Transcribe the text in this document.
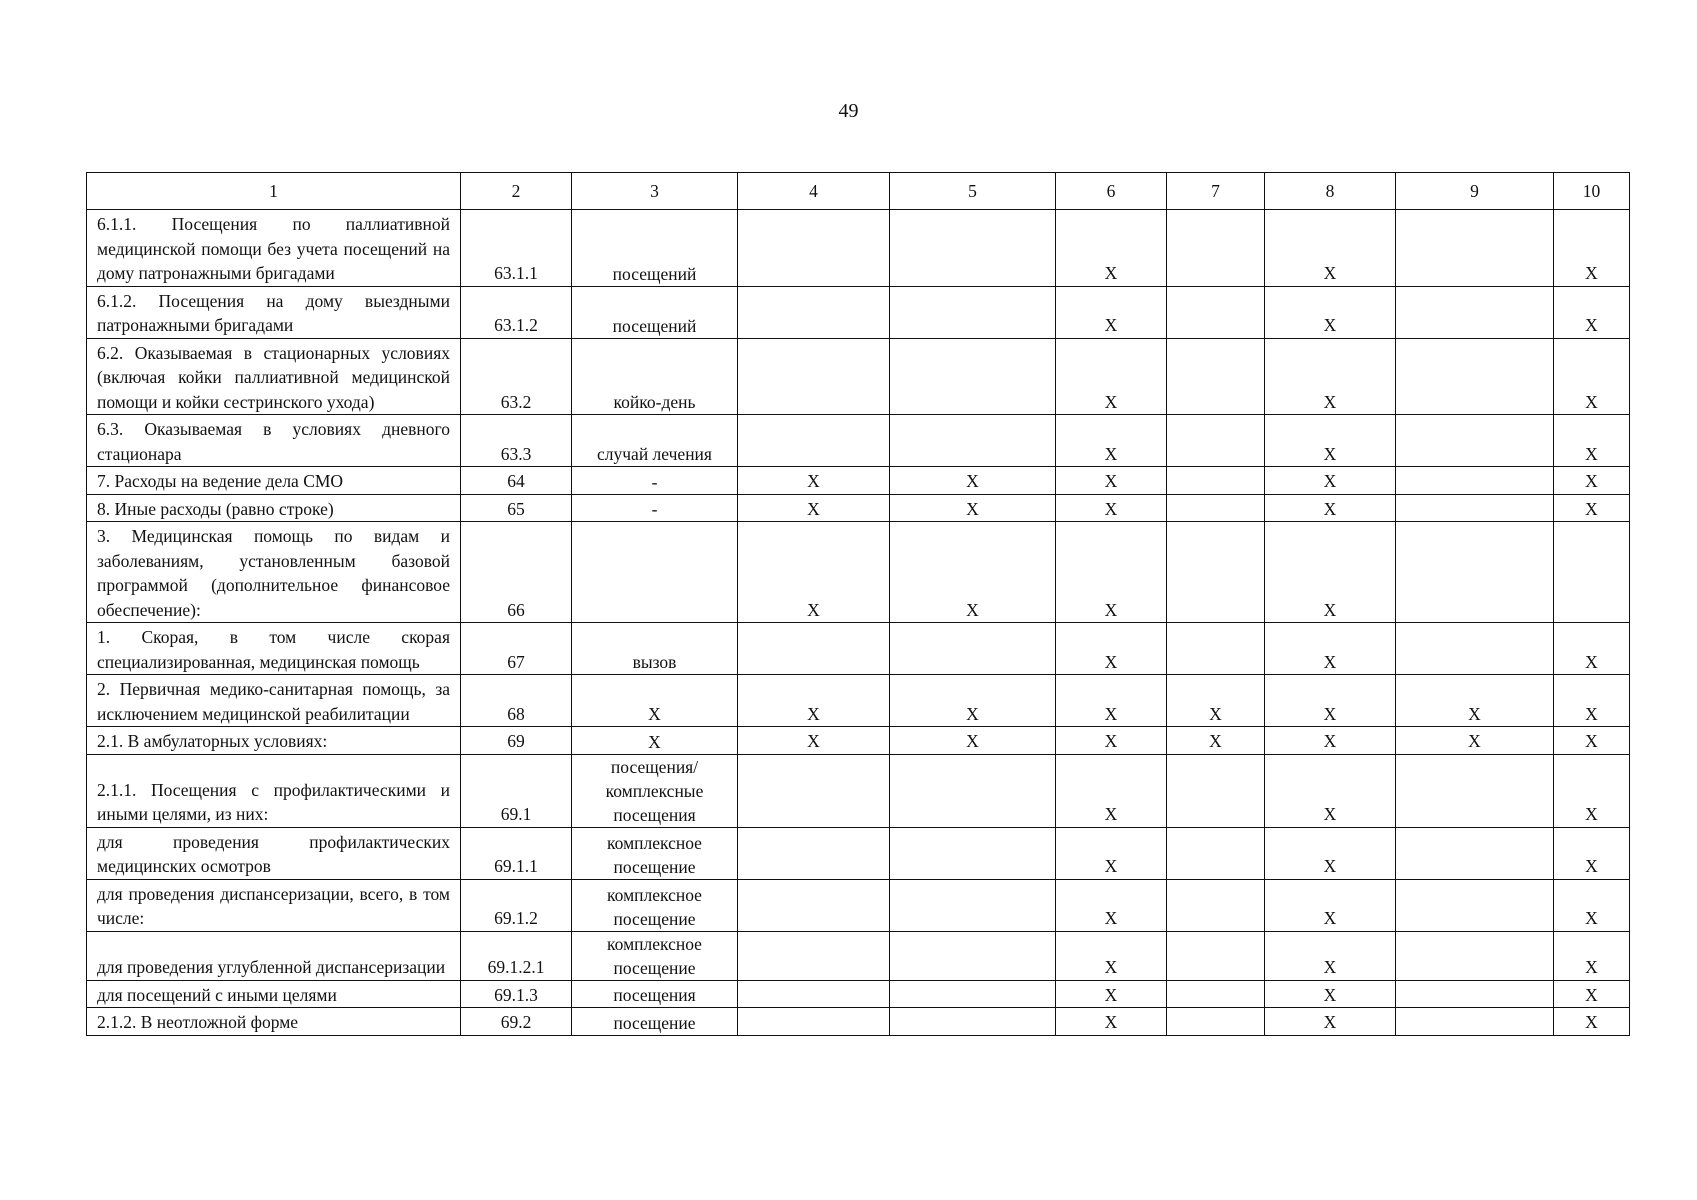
49
1	2	3	4	5	6	7	8	9	10
6.1.1. Посещения по паллиативной медицинской помощи без учета посещений на дому патронажными бригадами	63.1.1	посещений			X		X		X
6.1.2. Посещения на дому выездными патронажными бригадами	63.1.2	посещений			X		X		X
6.2. Оказываемая в стационарных условиях (включая койки паллиативной медицинской помощи и койки сестринского ухода)	63.2	койко-день			X		X		X
6.3. Оказываемая в условиях дневного стационара	63.3	случай лечения			X		X		X
7. Расходы на ведение дела СМО	64	-	X	X	X		X		X
8. Иные расходы (равно строке)	65	-	X	X	X		X		X
3. Медицинская помощь по видам и заболеваниям, установленным базовой программой (дополнительное финансовое обеспечение):	66		X	X	X		X		
1. Скорая, в том числе скорая специализированная, медицинская помощь	67	вызов			X		X		X
2. Первичная медико-санитарная помощь, за исключением медицинской реабилитации	68	X	X	X	X	X	X	X	X
2.1. В амбулаторных условиях:	69	X	X	X	X	X	X	X	X
2.1.1. Посещения с профилактическими и иными целями, из них:	69.1	посещения/комплексные посещения			X		X		X
для проведения профилактических медицинских осмотров	69.1.1	комплексное посещение			X		X		X
для проведения диспансеризации, всего, в том числе:	69.1.2	комплексное посещение			X		X		X
для проведения углубленной диспансеризации	69.1.2.1	комплексное посещение			X		X		X
для посещений с иными целями	69.1.3	посещения			X		X		X
2.1.2. В неотложной форме	69.2	посещение			X		X		X
